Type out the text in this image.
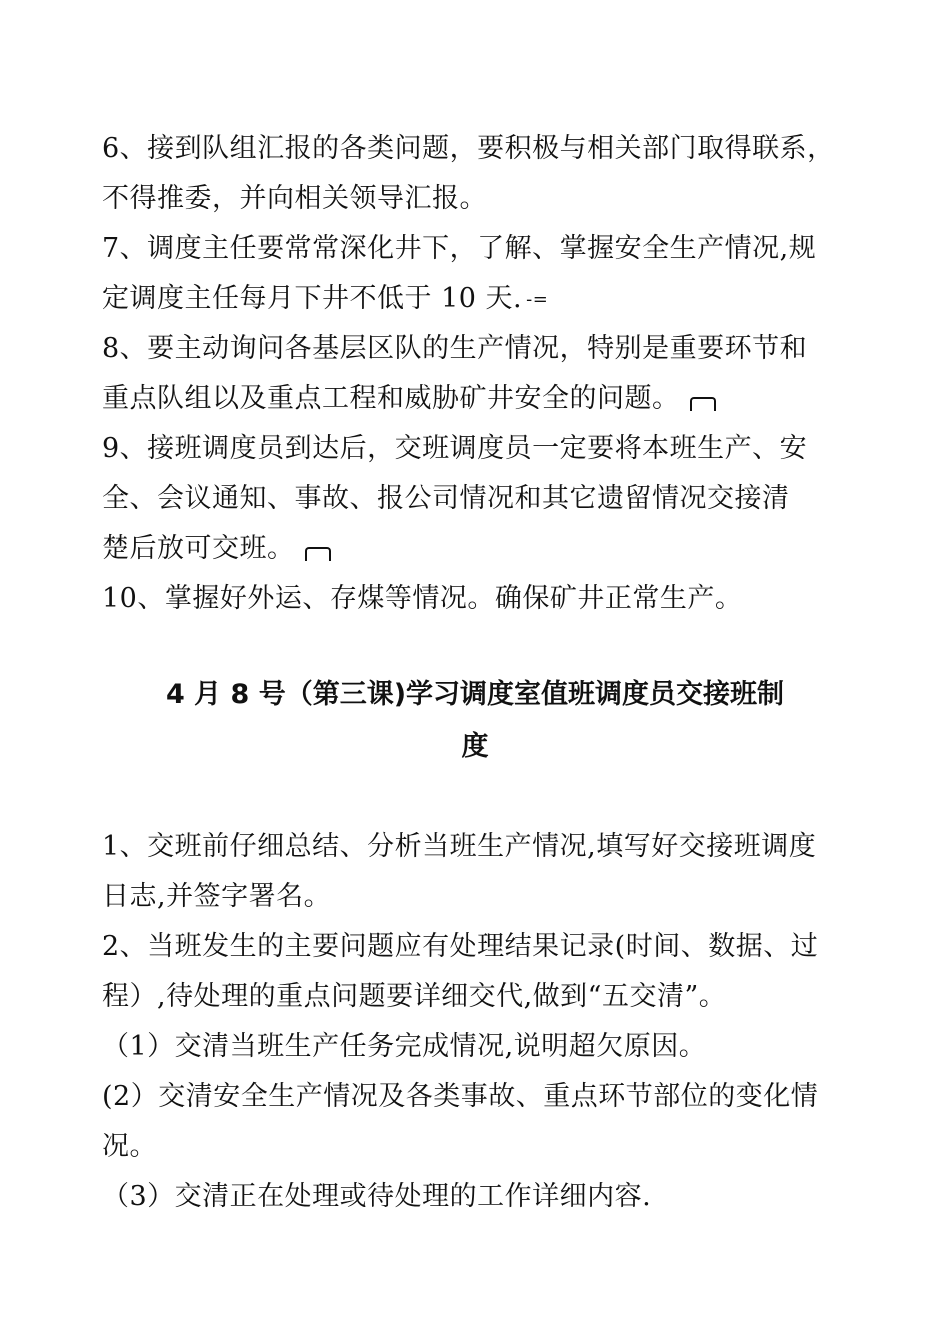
6、接到队组汇报的各类问题，要积极与相关部门取得联系，
不得推委，并向相关领导汇报。
7、调度主任要常常深化井下，了解、掌握安全生产情况,规
定调度主任每月下井不低于 10 天. -=
8、要主动询问各基层区队的生产情况，特别是重要环节和
重点队组以及重点工程和威胁矿井安全的问题。
9、接班调度员到达后，交班调度员一定要将本班生产、安
全、会议通知、事故、报公司情况和其它遗留情况交接清
楚后放可交班。
10、掌握好外运、存煤等情况。确保矿井正常生产。
4 月 8 号（第三课)学习调度室值班调度员交接班制
度
1、交班前仔细总结、分析当班生产情况,填写好交接班调度
日志,并签字署名。
2、当班发生的主要问题应有处理结果记录(时间、数据、过
程）,待处理的重点问题要详细交代,做到“五交清”。
（1）交清当班生产任务完成情况,说明超欠原因。
(2）交清安全生产情况及各类事故、重点环节部位的变化情
况。
（3）交清正在处理或待处理的工作详细内容.
